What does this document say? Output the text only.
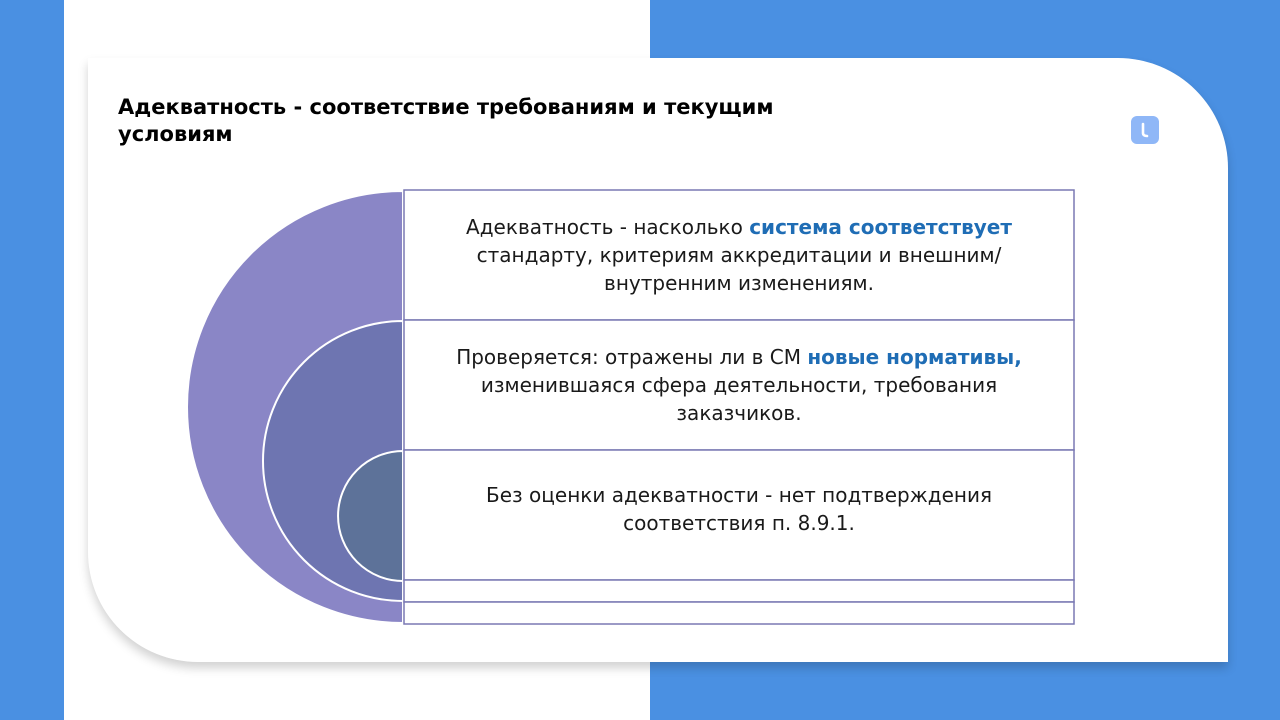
Адекватность - соответствие требованиям и текущим условиям
Адекватность - насколько система соответствует стандарту, критериям аккредитации и внешним/внутренним изменениям.
Проверяется: отражены ли в СМ новые нормативы, изменившаяся сфера деятельности, требования заказчиков.
Без оценки адекватности - нет подтверждения соответствия п. 8.9.1.
